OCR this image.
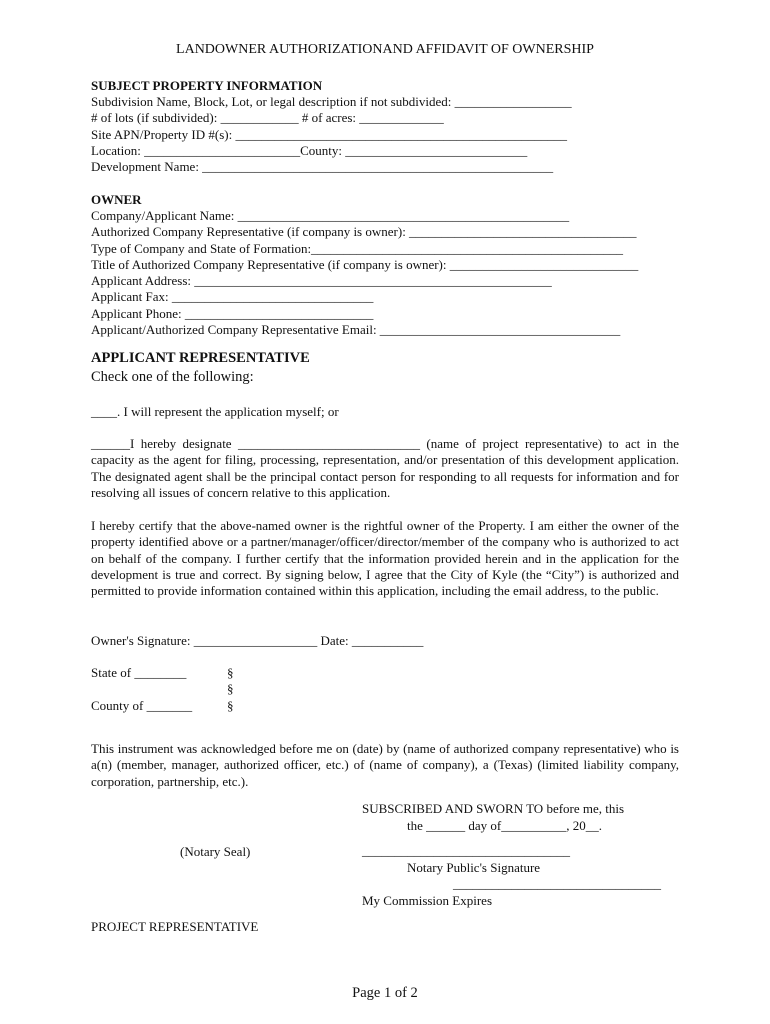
LANDOWNER AUTHORIZATIONAND AFFIDAVIT OF OWNERSHIP
SUBJECT PROPERTY INFORMATION
Subdivision Name, Block, Lot, or legal description if not subdivided: __________________
# of lots (if subdivided): ____________ # of acres: _____________
Site APN/Property ID #(s): ___________________________________________________
Location: ________________________County: ____________________________
Development Name: ______________________________________________________
OWNER
Company/Applicant Name: ___________________________________________________
Authorized Company Representative (if company is owner): ___________________________________
Type of Company and State of Formation:________________________________________________
Title of Authorized Company Representative (if company is owner): _____________________________
Applicant Address: _______________________________________________________
Applicant Fax: _______________________________
Applicant Phone: _____________________________
Applicant/Authorized Company Representative Email: _____________________________________
APPLICANT REPRESENTATIVE
Check one of the following:
____. I will represent the application myself; or
______I hereby designate ____________________________ (name of project representative) to act in the capacity as the agent for filing, processing, representation, and/or presentation of this development application. The designated agent shall be the principal contact person for responding to all requests for information and for resolving all issues of concern relative to this application.
I hereby certify that the above-named owner is the rightful owner of the Property. I am either the owner of the property identified above or a partner/manager/officer/director/member of the company who is authorized to act on behalf of the company. I further certify that the information provided herein and in the application for the development is true and correct. By signing below, I agree that the City of Kyle (the “City”) is authorized and permitted to provide information contained within this application, including the email address, to the public.
Owner's Signature: ___________________ Date: ___________
State of ________
County of _______
§
§
§
This instrument was acknowledged before me on (date) by (name of authorized company representative) who is a(n) (member, manager, authorized officer, etc.) of (name of company), a (Texas) (limited liability company, corporation, partnership, etc.).
SUBSCRIBED AND SWORN TO before me, this
the ______ day of__________, 20__.
(Notary Seal)	________________________________
Notary Public's Signature
________________________________
My Commission Expires
PROJECT REPRESENTATIVE
Page 1 of 2
